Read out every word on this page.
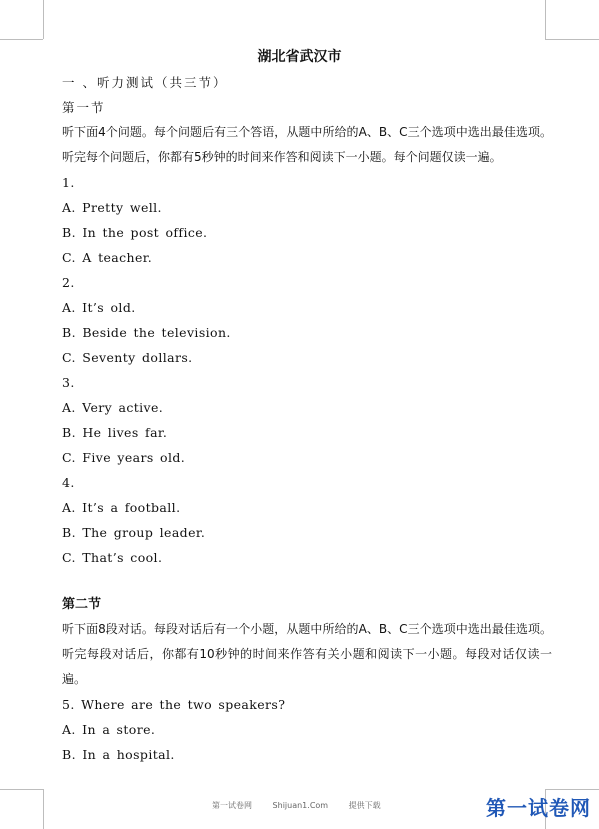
湖北省武汉市
一 、听力测试（共三节）
第一节
听下面4个问题。每个问题后有三个答语，从题中所给的A、B、C三个选项中选出最佳选项。听完每个问题后，你都有5秒钟的时间来作答和阅读下一小题。每个问题仅读一遍。
1.
A. Pretty well.
B. In the post office.
C. A teacher.
2.
A. It’s old.
B. Beside the television.
C. Seventy dollars.
3.
A. Very active.
B. He lives far.
C. Five years old.
4.
A. It’s a football.
B. The group leader.
C. That’s cool.
第二节
听下面8段对话。每段对话后有一个小题，从题中所给的A、B、C三个选项中选出最佳选项。听完每段对话后，你都有10秒钟的时间来作答有关小题和阅读下一小题。每段对话仅读一遍。
5. Where are the two speakers?
A. In a store.
B. In a hospital.
第一试卷网	Shijuan1.Com	提供下载	第一试卷网
